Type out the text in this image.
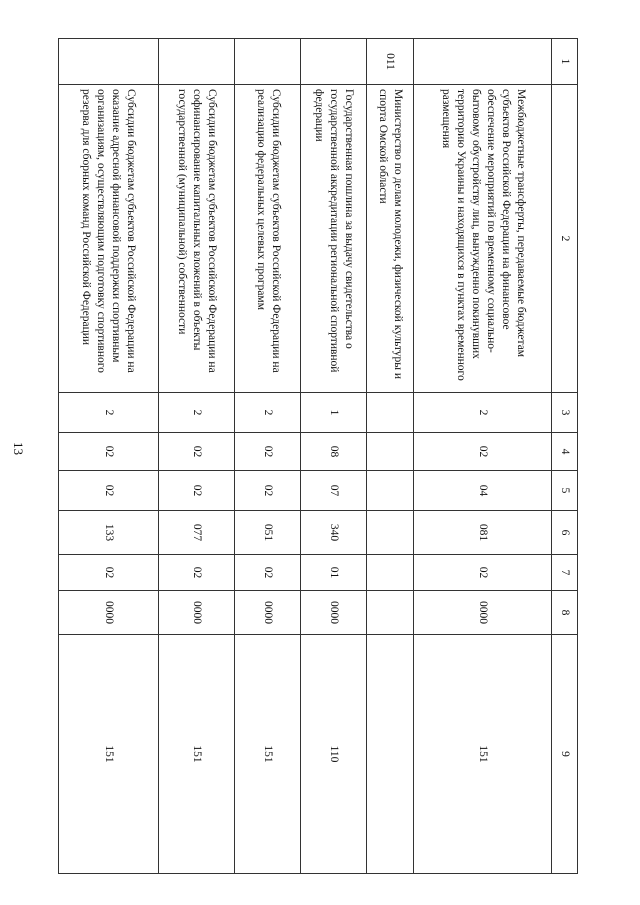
13
1	2	3	4	5	6	7	8	9
	Межбюджетные трансферты, передаваемые бюджетам субъектов Российской Федерации на финансовое обеспечение мероприятий по временному социально-бытовому обустройству лиц, вынужденно покинувших территорию Украины и находящихся в пунктах временного размещения	2	02	04	081	02	0000	151
011	Министерство по делам молодежи, физической культуры и спорта Омской области							
	Государственная пошлина за выдачу свидетельства о государственной аккредитации региональной спортивной федерации	1	08	07	340	01	0000	110
	Субсидии бюджетам субъектов Российской Федерации на реализацию федеральных целевых программ	2	02	02	051	02	0000	151
	Субсидии бюджетам субъектов Российской Федерации на софинансирование капитальных вложений в объекты государственной (муниципальной) собственности	2	02	02	077	02	0000	151
	Субсидии бюджетам субъектов Российской Федерации на оказание адресной финансовой поддержки спортивным организациям, осуществляющим подготовку спортивного резерва для сборных команд Российской Федерации	2	02	02	133	02	0000	151
